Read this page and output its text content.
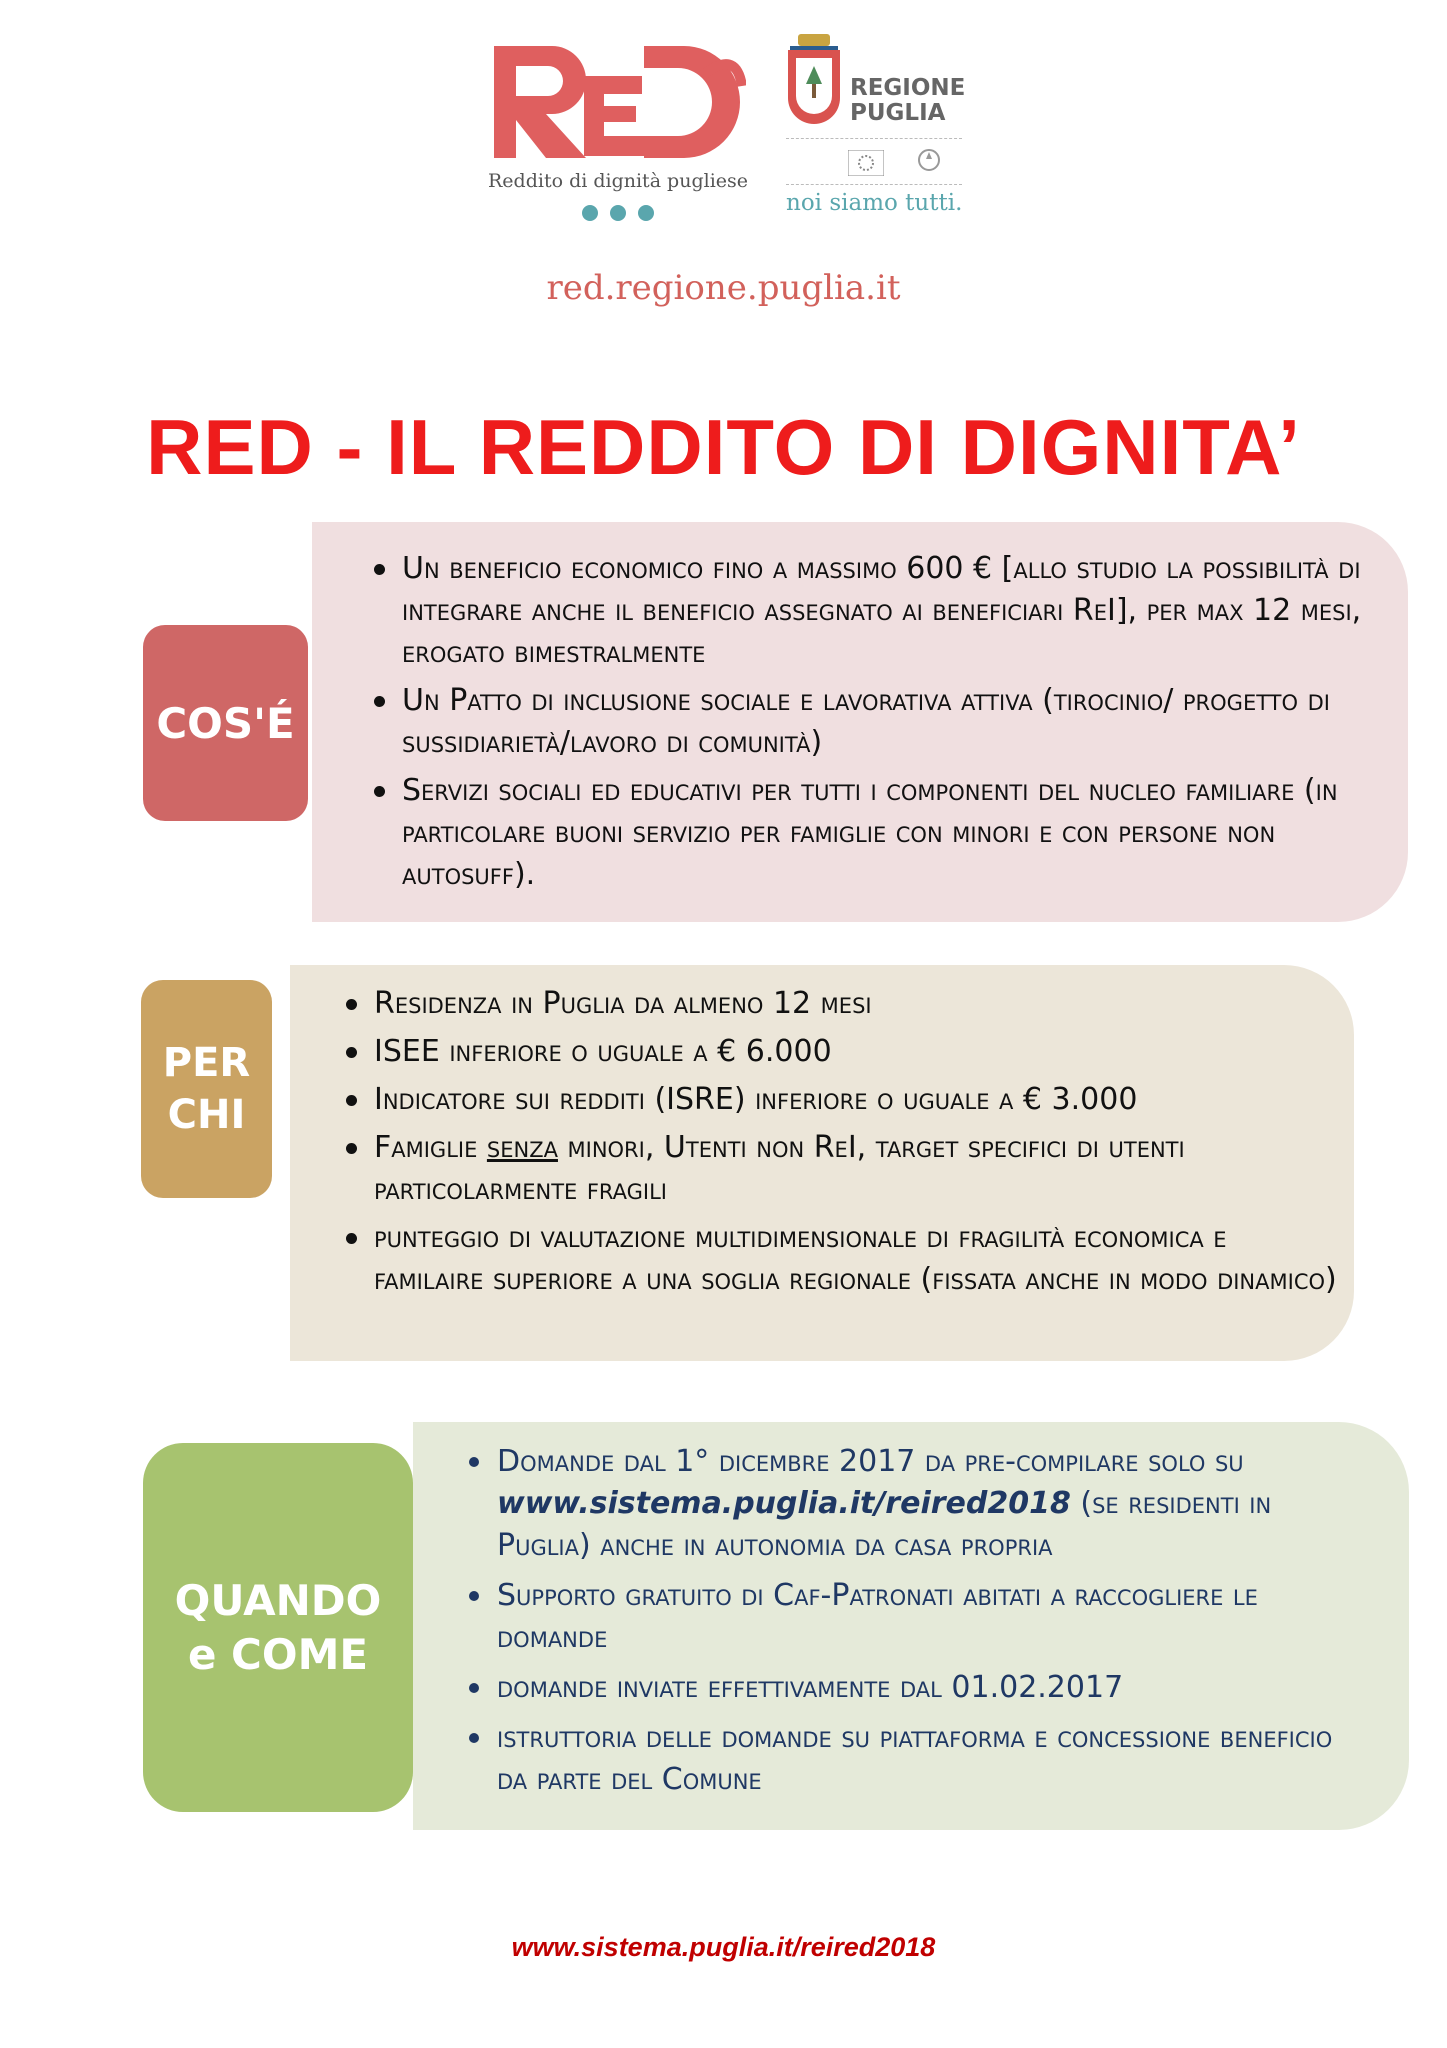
Reddito di dignità pugliese
REGIONE
PUGLIA
noi siamo tutti.
red.regione.puglia.it
RED - IL REDDITO DI DIGNITA’
COS'É
Un beneficio economico fino a massimo 600 € [allo studio la possibilità di integrare anche il beneficio assegnato ai beneficiari ReI], per max 12 mesi, erogato bimestralmente
Un Patto di inclusione sociale e lavorativa attiva (tirocinio/ progetto di sussidiarietà/lavoro di comunità)
Servizi sociali ed educativi per tutti i componenti del nucleo familiare (in particolare buoni servizio per famiglie con minori e con persone non autosuff).
PER
CHI
Residenza in Puglia da almeno 12 mesi
ISEE inferiore o uguale a € 6.000
Indicatore sui redditi (ISRE) inferiore o uguale a € 3.000
Famiglie senza minori, Utenti non ReI, target specifici di utenti particolarmente fragili
punteggio di valutazione multidimensionale di fragilità economica e familaire superiore a una soglia regionale (fissata anche in modo dinamico)
QUANDO
e COME
Domande dal 1° dicembre 2017 da pre-compilare solo su www.sistema.puglia.it/reired2018 (se residenti in Puglia) anche in autonomia da casa propria
Supporto gratuito di Caf-Patronati abitati a raccogliere le domande
domande inviate effettivamente dal 01.02.2017
istruttoria delle domande su piattaforma e concessione beneficio da parte del Comune
www.sistema.puglia.it/reired2018
